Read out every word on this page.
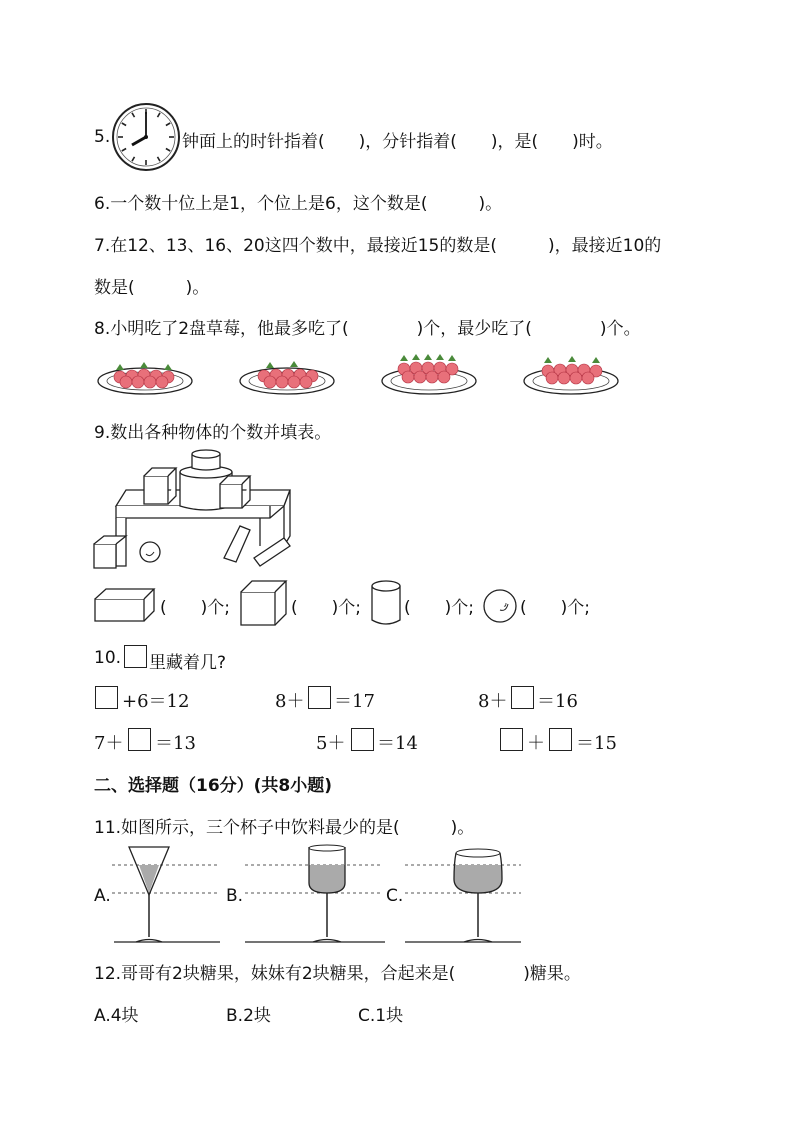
5.	钟面上的时针指着(　　)，分针指着(　　)，是(　　)时。
6.一个数十位上是1，个位上是6，这个数是(　　　)。
7.在12、13、16、20这四个数中，最接近15的数是(　　　)，最接近10的
数是(　　　)。
8.小明吃了2盘草莓，他最多吃了(　　　　)个，最少吃了(　　　　)个。
9.数出各种物体的个数并填表。
(　　)个;	(　　)个;	(　　)个;	(　　)个;
10. 里藏着几?
+6＝12	8＋ ＝17	8＋ ＝16
7＋ ＝13	5＋ ＝14	＋ ＝15
二、选择题（16分）(共8小题)
11.如图所示，三个杯子中饮料最少的是(　　　)。
A.	B.	C.
12.哥哥有2块糖果，妹妹有2块糖果，合起来是(　　　　)糖果。
A.4块	B.2块	C.1块
